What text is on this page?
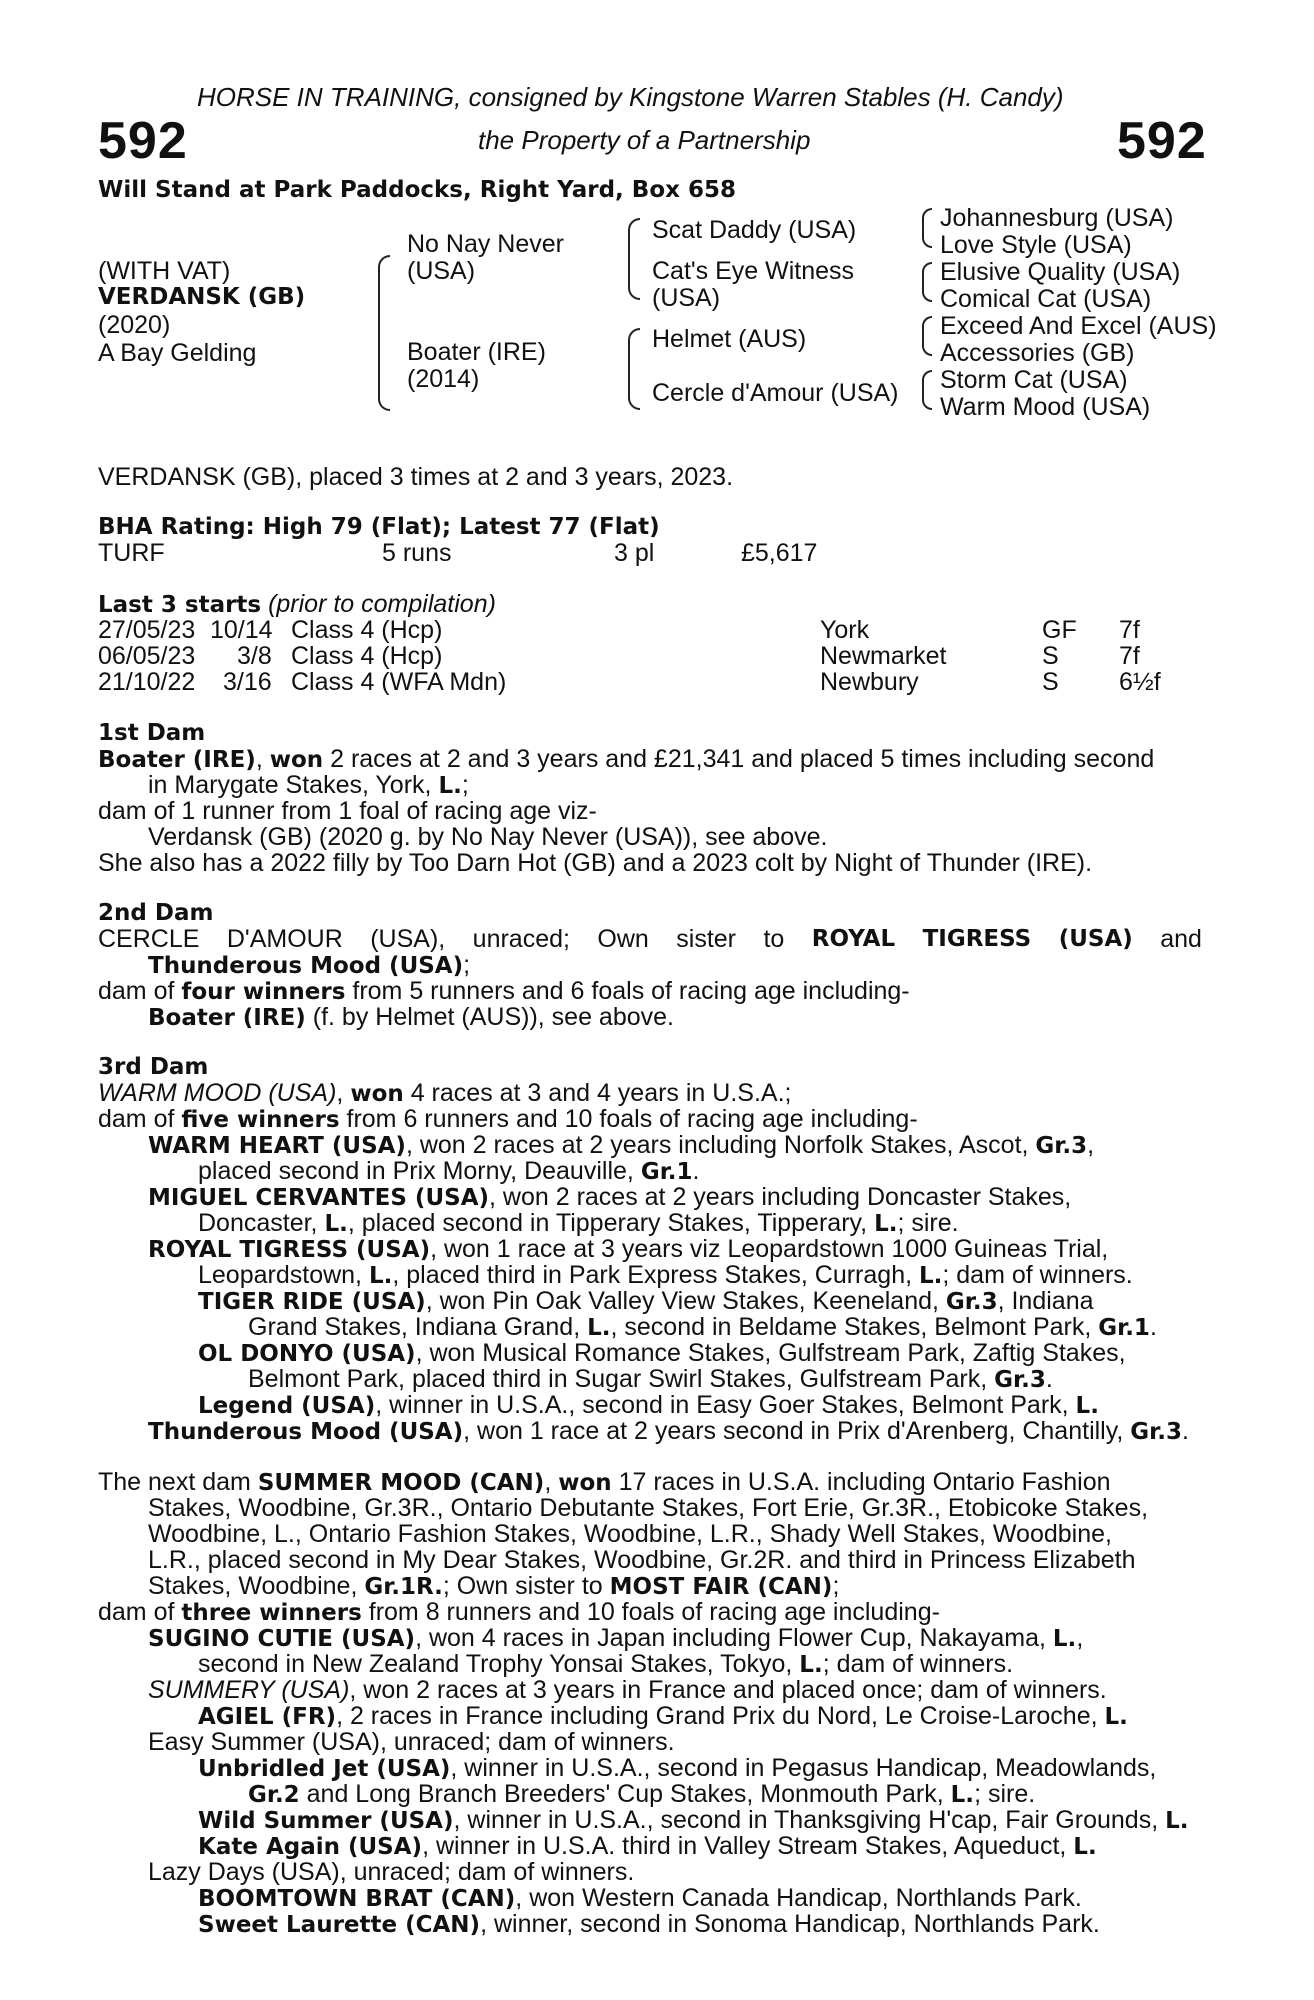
HORSE IN TRAINING, consigned by Kingstone Warren Stables (H. Candy)
592	the Property of a Partnership	592
Will Stand at Park Paddocks, Right Yard, Box 658
(WITH VAT)
VERDANSK (GB)
(2020)
A Bay Gelding
No Nay Never
(USA)
Boater (IRE)
(2014)
Scat Daddy (USA)
Cat's Eye Witness
(USA)
Helmet (AUS)
Cercle d'Amour (USA)
Johannesburg (USA)
Love Style (USA)
Elusive Quality (USA)
Comical Cat (USA)
Exceed And Excel (AUS)
Accessories (GB)
Storm Cat (USA)
Warm Mood (USA)
VERDANSK (GB), placed 3 times at 2 and 3 years, 2023.
BHA Rating: High 79 (Flat); Latest 77 (Flat)
TURF	5 runs	3 pl	£5,617
Last 3 starts (prior to compilation)
27/05/23 10/14 Class 4 (Hcp)	York	GF 7f
06/05/23 3/8 Class 4 (Hcp)	Newmarket	S 7f
21/10/22 3/16 Class 4 (WFA Mdn)	Newbury	S 6½f
1st Dam
Boater (IRE), won 2 races at 2 and 3 years and £21,341 and placed 5 times including second
in Marygate Stakes, York, L.;
dam of 1 runner from 1 foal of racing age viz-
Verdansk (GB) (2020 g. by No Nay Never (USA)), see above.
She also has a 2022 filly by Too Darn Hot (GB) and a 2023 colt by Night of Thunder (IRE).
2nd Dam
CERCLE D'AMOUR (USA), unraced; Own sister to ROYAL TIGRESS (USA) and
Thunderous Mood (USA);
dam of four winners from 5 runners and 6 foals of racing age including-
Boater (IRE) (f. by Helmet (AUS)), see above.
3rd Dam
WARM MOOD (USA), won 4 races at 3 and 4 years in U.S.A.;
dam of five winners from 6 runners and 10 foals of racing age including-
WARM HEART (USA), won 2 races at 2 years including Norfolk Stakes, Ascot, Gr.3,
placed second in Prix Morny, Deauville, Gr.1.
MIGUEL CERVANTES (USA), won 2 races at 2 years including Doncaster Stakes,
Doncaster, L., placed second in Tipperary Stakes, Tipperary, L.; sire.
ROYAL TIGRESS (USA), won 1 race at 3 years viz Leopardstown 1000 Guineas Trial,
Leopardstown, L., placed third in Park Express Stakes, Curragh, L.; dam of winners.
TIGER RIDE (USA), won Pin Oak Valley View Stakes, Keeneland, Gr.3, Indiana
Grand Stakes, Indiana Grand, L., second in Beldame Stakes, Belmont Park, Gr.1.
OL DONYO (USA), won Musical Romance Stakes, Gulfstream Park, Zaftig Stakes,
Belmont Park, placed third in Sugar Swirl Stakes, Gulfstream Park, Gr.3.
Legend (USA), winner in U.S.A., second in Easy Goer Stakes, Belmont Park, L.
Thunderous Mood (USA), won 1 race at 2 years second in Prix d'Arenberg, Chantilly, Gr.3.
The next dam SUMMER MOOD (CAN), won 17 races in U.S.A. including Ontario Fashion
Stakes, Woodbine, Gr.3R., Ontario Debutante Stakes, Fort Erie, Gr.3R., Etobicoke Stakes,
Woodbine, L., Ontario Fashion Stakes, Woodbine, L.R., Shady Well Stakes, Woodbine,
L.R., placed second in My Dear Stakes, Woodbine, Gr.2R. and third in Princess Elizabeth
Stakes, Woodbine, Gr.1R.; Own sister to MOST FAIR (CAN);
dam of three winners from 8 runners and 10 foals of racing age including-
SUGINO CUTIE (USA), won 4 races in Japan including Flower Cup, Nakayama, L.,
second in New Zealand Trophy Yonsai Stakes, Tokyo, L.; dam of winners.
SUMMERY (USA), won 2 races at 3 years in France and placed once; dam of winners.
AGIEL (FR), 2 races in France including Grand Prix du Nord, Le Croise-Laroche, L.
Easy Summer (USA), unraced; dam of winners.
Unbridled Jet (USA), winner in U.S.A., second in Pegasus Handicap, Meadowlands,
Gr.2 and Long Branch Breeders' Cup Stakes, Monmouth Park, L.; sire.
Wild Summer (USA), winner in U.S.A., second in Thanksgiving H'cap, Fair Grounds, L.
Kate Again (USA), winner in U.S.A. third in Valley Stream Stakes, Aqueduct, L.
Lazy Days (USA), unraced; dam of winners.
BOOMTOWN BRAT (CAN), won Western Canada Handicap, Northlands Park.
Sweet Laurette (CAN), winner, second in Sonoma Handicap, Northlands Park.
